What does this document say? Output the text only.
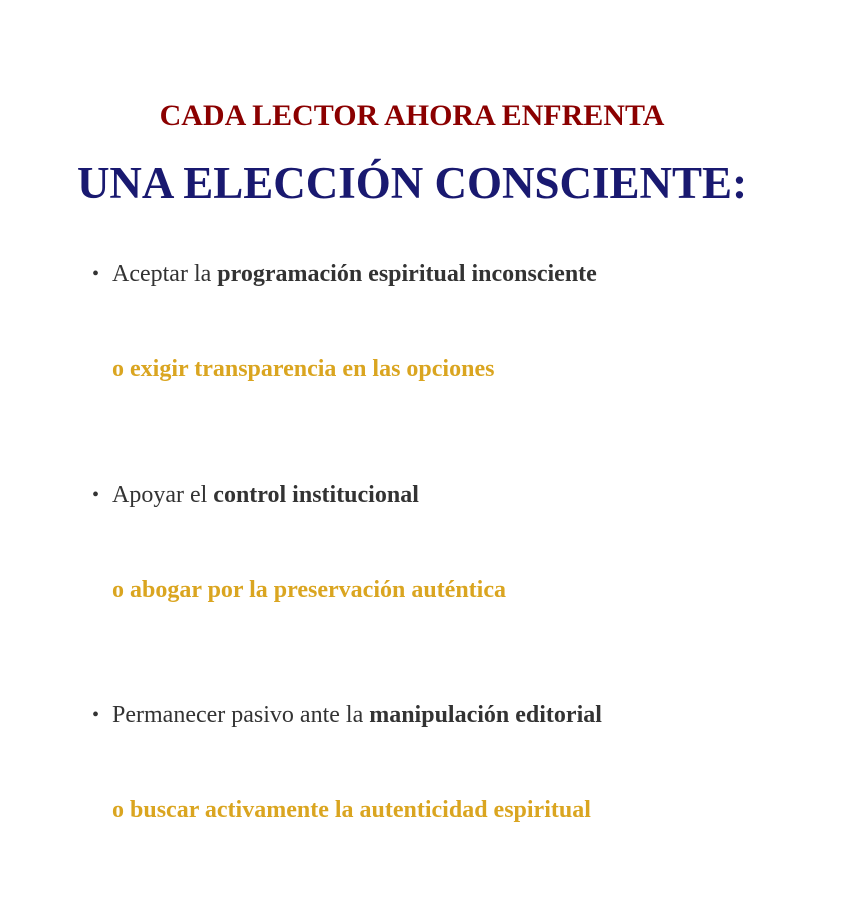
CADA LECTOR AHORA ENFRENTA
UNA ELECCIÓN CONSCIENTE:
• Aceptar la programación espiritual inconsciente
o exigir transparencia en las opciones
• Apoyar el control institucional
o abogar por la preservación auténtica
• Permanecer pasivo ante la manipulación editorial
o buscar activamente la autenticidad espiritual
